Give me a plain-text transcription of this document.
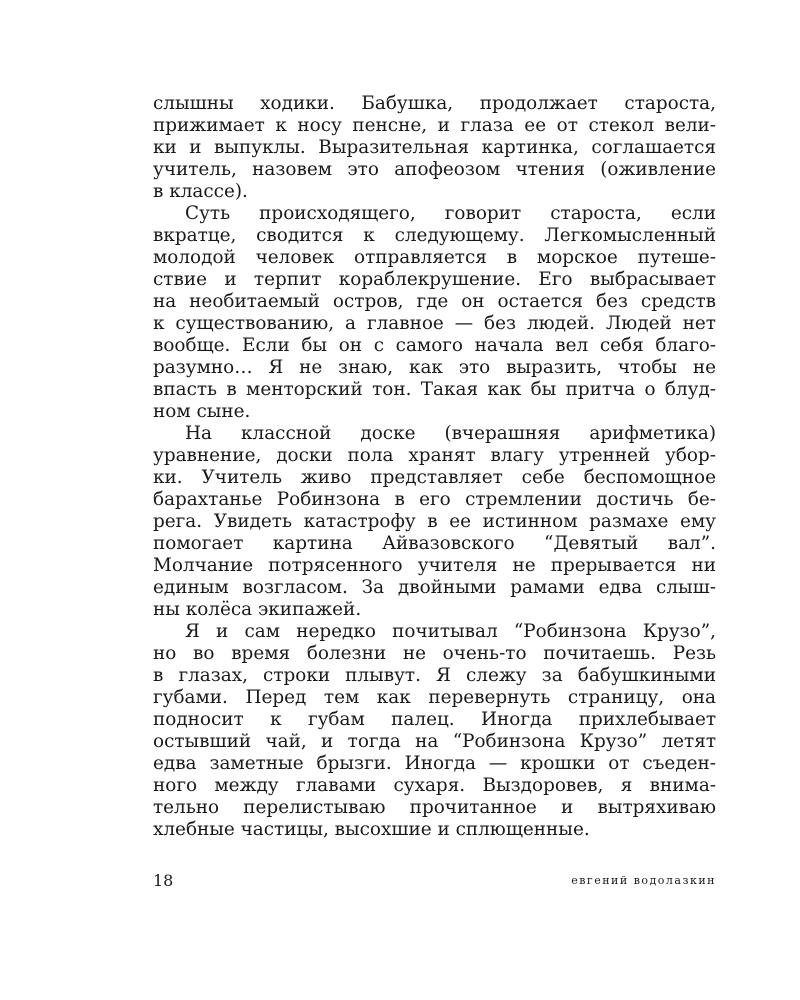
слышны ходики. Бабушка, продолжает староста,
прижимает к носу пенсне, и глаза ее от стекол вели-
ки и выпуклы. Выразительная картинка, соглашается
учитель, назовем это апофеозом чтения (оживление
в классе).
Суть происходящего, говорит староста, если
вкратце, сводится к следующему. Легкомысленный
молодой человек отправляется в морское путеше-
ствие и терпит кораблекрушение. Его выбрасывает
на необитаемый остров, где он остается без средств
к существованию, а главное — без людей. Людей нет
вообще. Если бы он с самого начала вел себя благо-
разумно… Я не знаю, как это выразить, чтобы не
впасть в менторский тон. Такая как бы притча о блуд-
ном сыне.
На классной доске (вчерашняя арифметика)
уравнение, доски пола хранят влагу утренней убор-
ки. Учитель живо представляет себе беспомощное
барахтанье Робинзона в его стремлении достичь бе-
рега. Увидеть катастрофу в ее истинном размахе ему
помогает картина Айвазовского “Девятый вал”.
Молчание потрясенного учителя не прерывается ни
единым возгласом. За двойными рамами едва слыш-
ны колёса экипажей.
Я и сам нередко почитывал “Робинзона Крузо”,
но во время болезни не очень-то почитаешь. Резь
в глазах, строки плывут. Я слежу за бабушкиными
губами. Перед тем как перевернуть страницу, она
подносит к губам палец. Иногда прихлебывает
остывший чай, и тогда на “Робинзона Крузо” летят
едва заметные брызги. Иногда — крошки от съеден-
ного между главами сухаря. Выздоровев, я внима-
тельно перелистываю прочитанное и вытряхиваю
хлебные частицы, высохшие и сплющенные.
18	евгений водолазкин
